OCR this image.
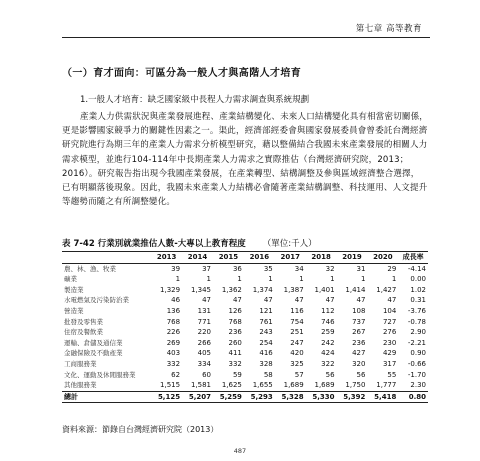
第七章 高等教育
（一）育才面向：可區分為一般人才與高階人才培育
1.一般人才培育：缺乏國家級中長程人力需求調查與系統規劃

產業人力供需狀況與產業發展進程、產業結構變化、未來人口結構變化具有相當密切關係，更是影響國家競爭力的關鍵性因素之一。渠此，經濟部經委會與國家發展委員會曾委託台灣經濟研究院進行為期三年的產業人力需求分析模型研究，藉以整備結合我國未來產業發展的相關人力需求模型，並進行104-114年中長期產業人力需求之實際推估（台灣經濟研究院，2013；2016）。研究報告指出現今我國產業發展，在產業轉型、結構調整及參與區域經濟整合選擇，已有明顯落後現象。因此，我國未來產業人力結構必會隨著產業結構調整、科技運用、人文提升等趨勢而隨之有所調整變化。

表 7-42 行業別就業推估人數-大專以上教育程度 （單位:千人）
	2013	2014	2015	2016	2017	2018	2019	2020	成長率
農、林、漁、牧業	39	37	36	35	34	32	31	29	-4.14
礦業	1	1	1	1	1	1	1	1	0.00
製造業	1,329	1,345	1,362	1,374	1,387	1,401	1,414	1,427	1.02
水電燃氣及污染防治業	46	47	47	47	47	47	47	47	0.31
營造業	136	131	126	121	116	112	108	104	-3.76
批發及零售業	768	771	768	761	754	746	737	727	-0.78
住宿及餐飲業	226	220	236	243	251	259	267	276	2.90
運輸、倉儲及通信業	269	266	260	254	247	242	236	230	-2.21
金融保險及不動產業	403	405	411	416	420	424	427	429	0.90
工商服務業	332	334	332	328	325	322	320	317	-0.66
文化、運動及休閒服務業	62	60	59	58	57	56	56	55	-1.70
其他服務業	1,515	1,581	1,625	1,655	1,689	1,689	1,750	1,777	2.30
總計	5,125	5,207	5,259	5,293	5,328	5,330	5,392	5,418	0.80
資料來源：節錄自台灣經濟研究院（2013）
487
